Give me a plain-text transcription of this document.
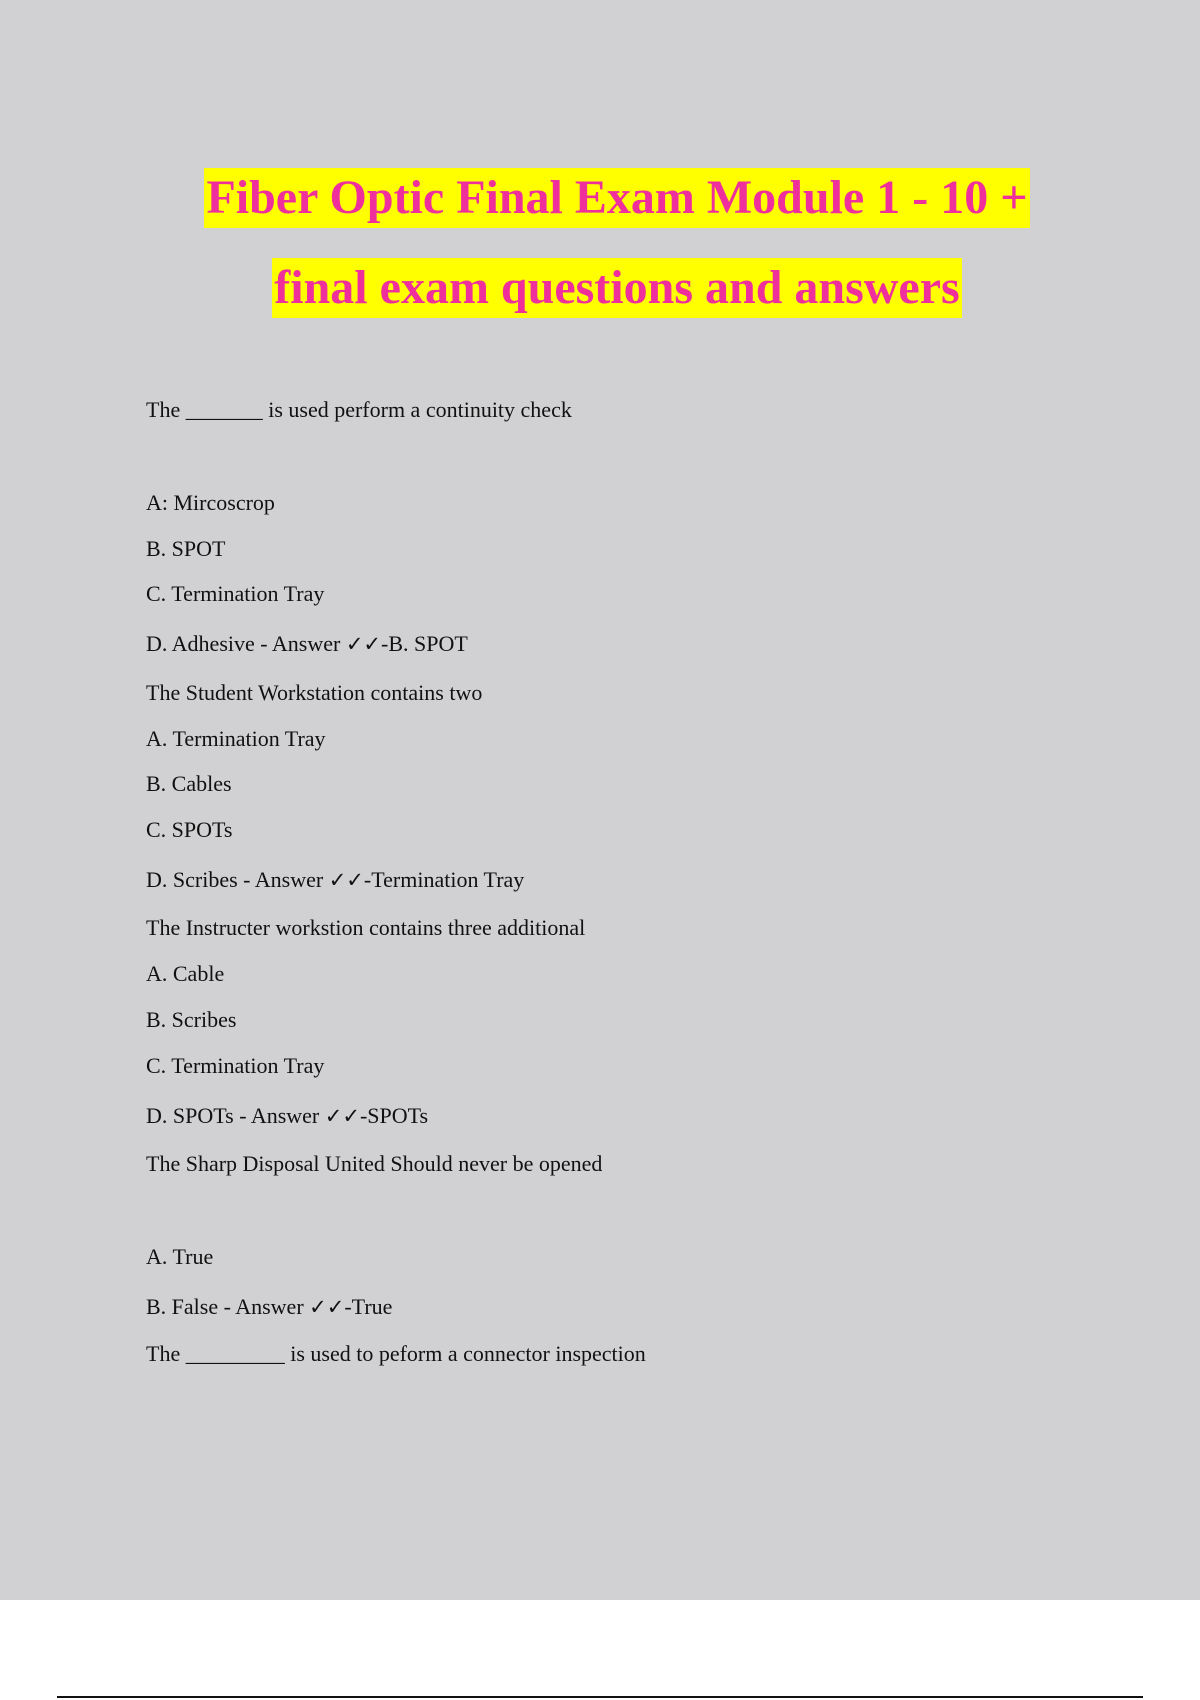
Fiber Optic Final Exam Module 1 - 10 +
final exam questions and answers
The _______ is used perform a continuity check
A: Mircoscrop
B. SPOT
C. Termination Tray
D. Adhesive - Answer ✓✓-B. SPOT
The Student Workstation contains two
A. Termination Tray
B. Cables
C. SPOTs
D. Scribes - Answer ✓✓-Termination Tray
The Instructer workstion contains three additional
A. Cable
B. Scribes
C. Termination Tray
D. SPOTs - Answer ✓✓-SPOTs
The Sharp Disposal United Should never be opened
A. True
B. False - Answer ✓✓-True
The _________ is used to peform a connector inspection
